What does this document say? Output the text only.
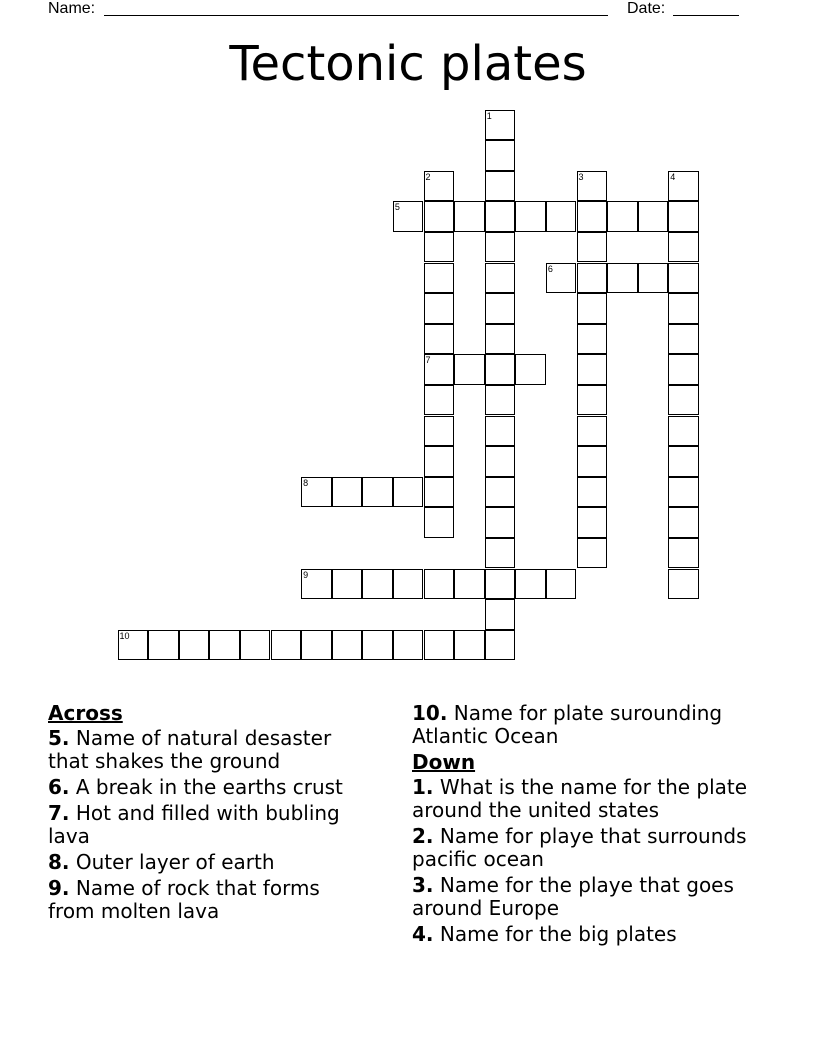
Name:	Date:
Tectonic plates
1
2
7
3	4
5
6
8
9
10
Across
5. Name of natural desaster that shakes the ground
6. A break in the earths crust
7. Hot and filled with bubling lava
8. Outer layer of earth
9. Name of rock that forms from molten lava
10. Name for plate surounding Atlantic Ocean
Down
1. What is the name for the plate around the united states
2. Name for playe that surrounds pacific ocean
3. Name for the playe that goes around Europe
4. Name for the big plates
